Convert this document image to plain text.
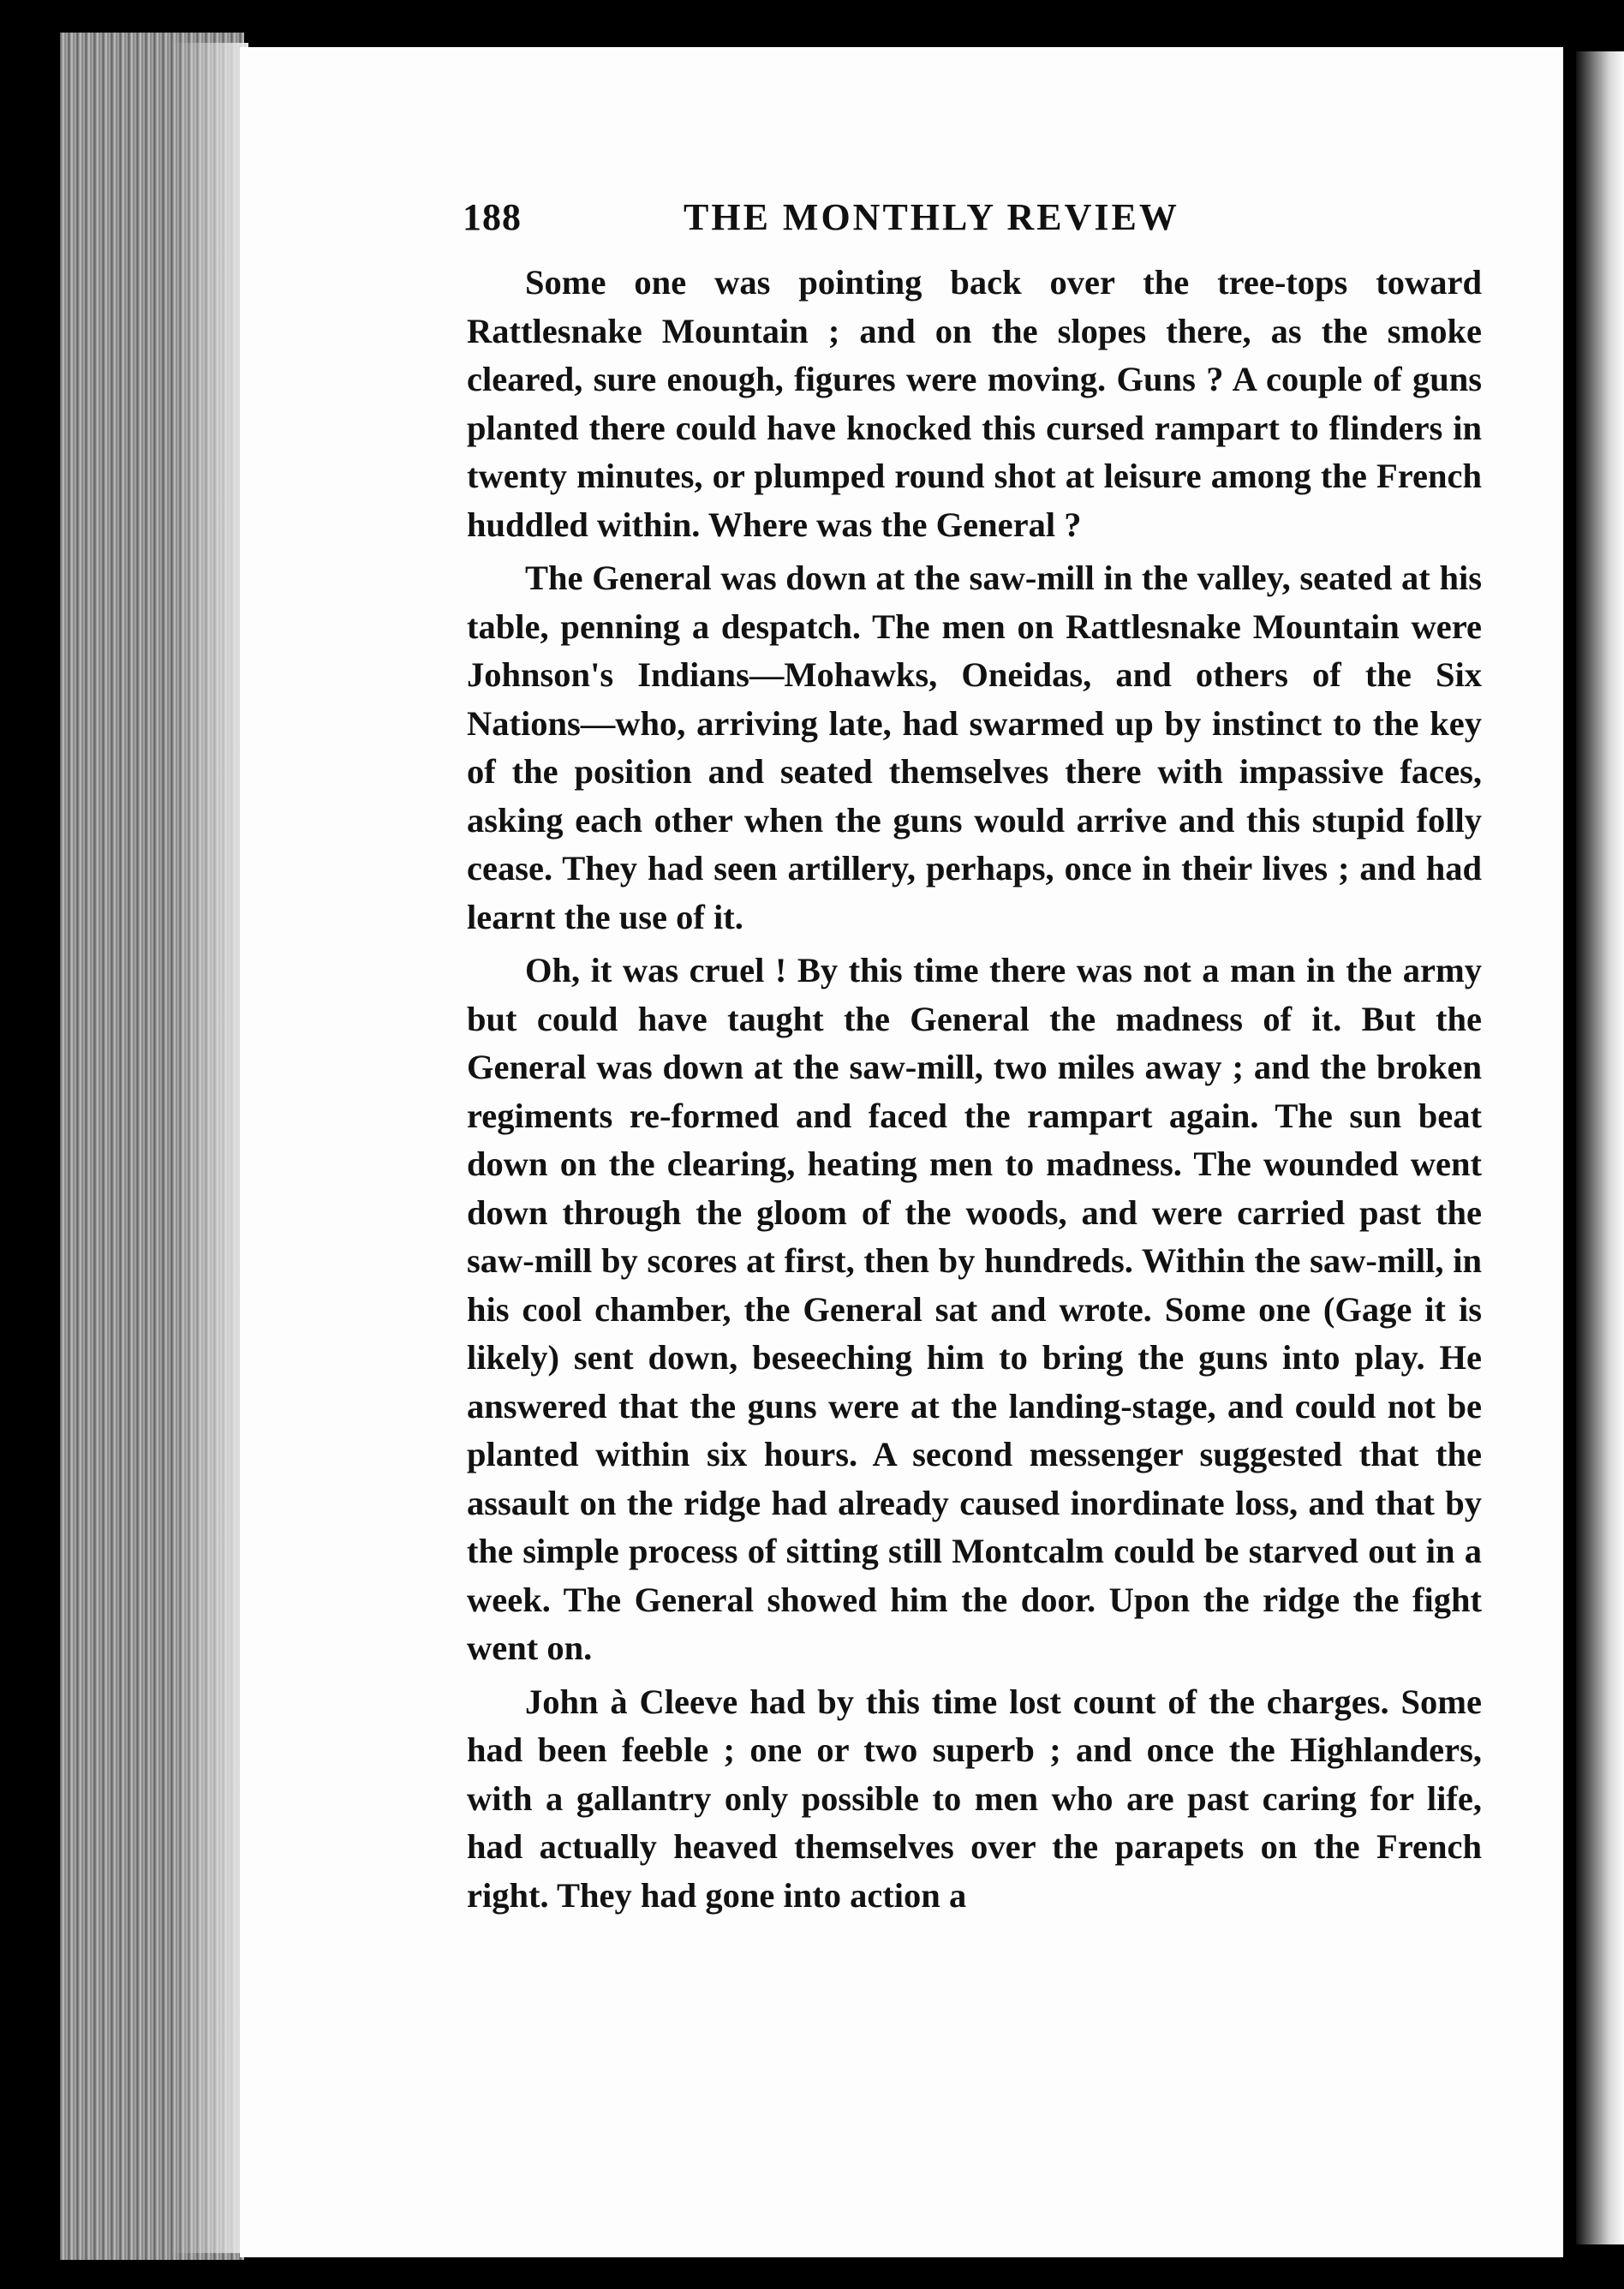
188	THE MONTHLY REVIEW

Some one was pointing back over the tree-tops toward Rattlesnake Mountain ; and on the slopes there, as the smoke cleared, sure enough, figures were moving. Guns ? A couple of guns planted there could have knocked this cursed rampart to flinders in twenty minutes, or plumped round shot at leisure among the French huddled within. Where was the General ?

The General was down at the saw-mill in the valley, seated at his table, penning a despatch. The men on Rattlesnake Mountain were Johnson's Indians—Mohawks, Oneidas, and others of the Six Nations—who, arriving late, had swarmed up by instinct to the key of the position and seated themselves there with impassive faces, asking each other when the guns would arrive and this stupid folly cease. They had seen artillery, perhaps, once in their lives ; and had learnt the use of it.

Oh, it was cruel ! By this time there was not a man in the army but could have taught the General the madness of it. But the General was down at the saw-mill, two miles away ; and the broken regiments re-formed and faced the rampart again. The sun beat down on the clearing, heating men to madness. The wounded went down through the gloom of the woods, and were carried past the saw-mill by scores at first, then by hundreds. Within the saw-mill, in his cool chamber, the General sat and wrote. Some one (Gage it is likely) sent down, beseeching him to bring the guns into play. He answered that the guns were at the landing-stage, and could not be planted within six hours. A second messenger suggested that the assault on the ridge had already caused inordinate loss, and that by the simple process of sitting still Montcalm could be starved out in a week. The General showed him the door. Upon the ridge the fight went on.

John à Cleeve had by this time lost count of the charges. Some had been feeble ; one or two superb ; and once the Highlanders, with a gallantry only possible to men who are past caring for life, had actually heaved themselves over the parapets on the French right. They had gone into action a
